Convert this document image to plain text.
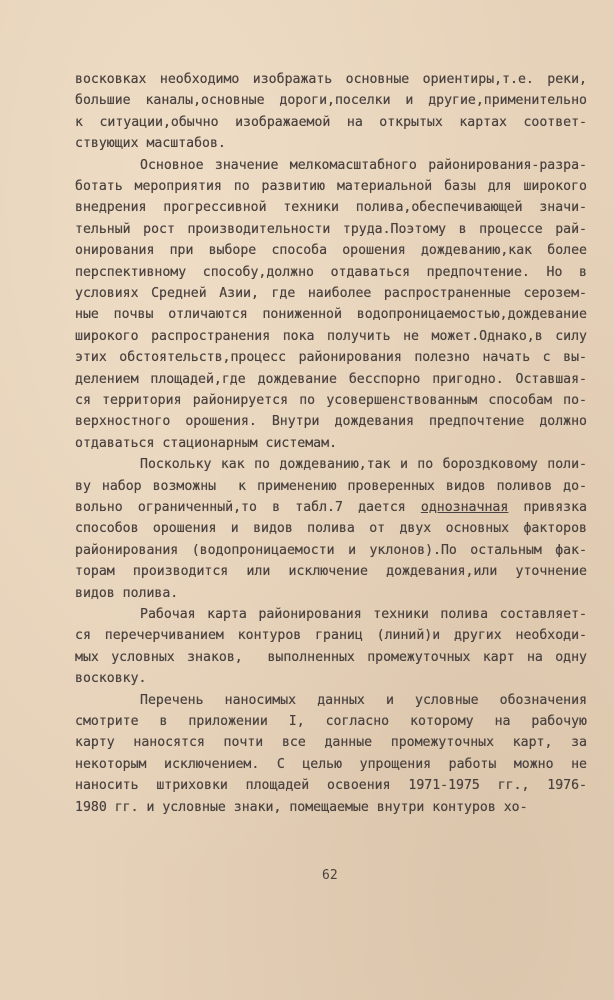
восковках необходимо изображать основные ориентиры,т.е. реки,
большие каналы,основные дороги,поселки и другие,применительно
к ситуации,обычно изображаемой на открытых картах соответ-
ствующих масштабов.
Основное значение мелкомасштабного районирования-разра-
ботать мероприятия по развитию материальной базы для широкого
внедрения прогрессивной техники полива,обеспечивающей значи-
тельный рост производительности труда.Поэтому в процессе рай-
онирования при выборе способа орошения дождеванию,как более
перспективному способу,должно отдаваться предпочтение. Но в
условиях Средней Азии, где наиболее распространенные серозем-
ные почвы отличаются пониженной водопроницаемостью,дождевание
широкого распространения пока получить не может.Однако,в силу
этих обстоятельств,процесс районирования полезно начать с вы-
делением площадей,где дождевание бесспорно пригодно. Оставшая-
ся территория районируется по усовершенствованным способам по-
верхностного орошения. Внутри дождевания предпочтение должно
отдаваться стационарным системам.
Поскольку как по дождеванию,так и по бороздковому поли-
ву набор возможны  к применению проверенных видов поливов до-
вольно ограниченный,то в табл.7 дается однозначная привязка
способов орошения и видов полива от двух основных факторов
районирования (водопроницаемости и уклонов).По остальным фак-
торам производится или исключение дождевания,или уточнение
видов полива.
Рабочая карта районирования техники полива составляет-
ся перечерчиванием контуров границ (линий)и других необходи-
мых условных знаков,  выполненных промежуточных карт на одну
восковку.
Перечень наносимых данных и условные обозначения
смотрите в приложении I, согласно которому на рабочую
карту наносятся почти все данные промежуточных карт, за
некоторым исключением. С целью упрощения работы можно не
наносить штриховки площадей освоения 1971-1975 гг., 1976-
1980 гг. и условные знаки, помещаемые внутри контуров хо-
62
